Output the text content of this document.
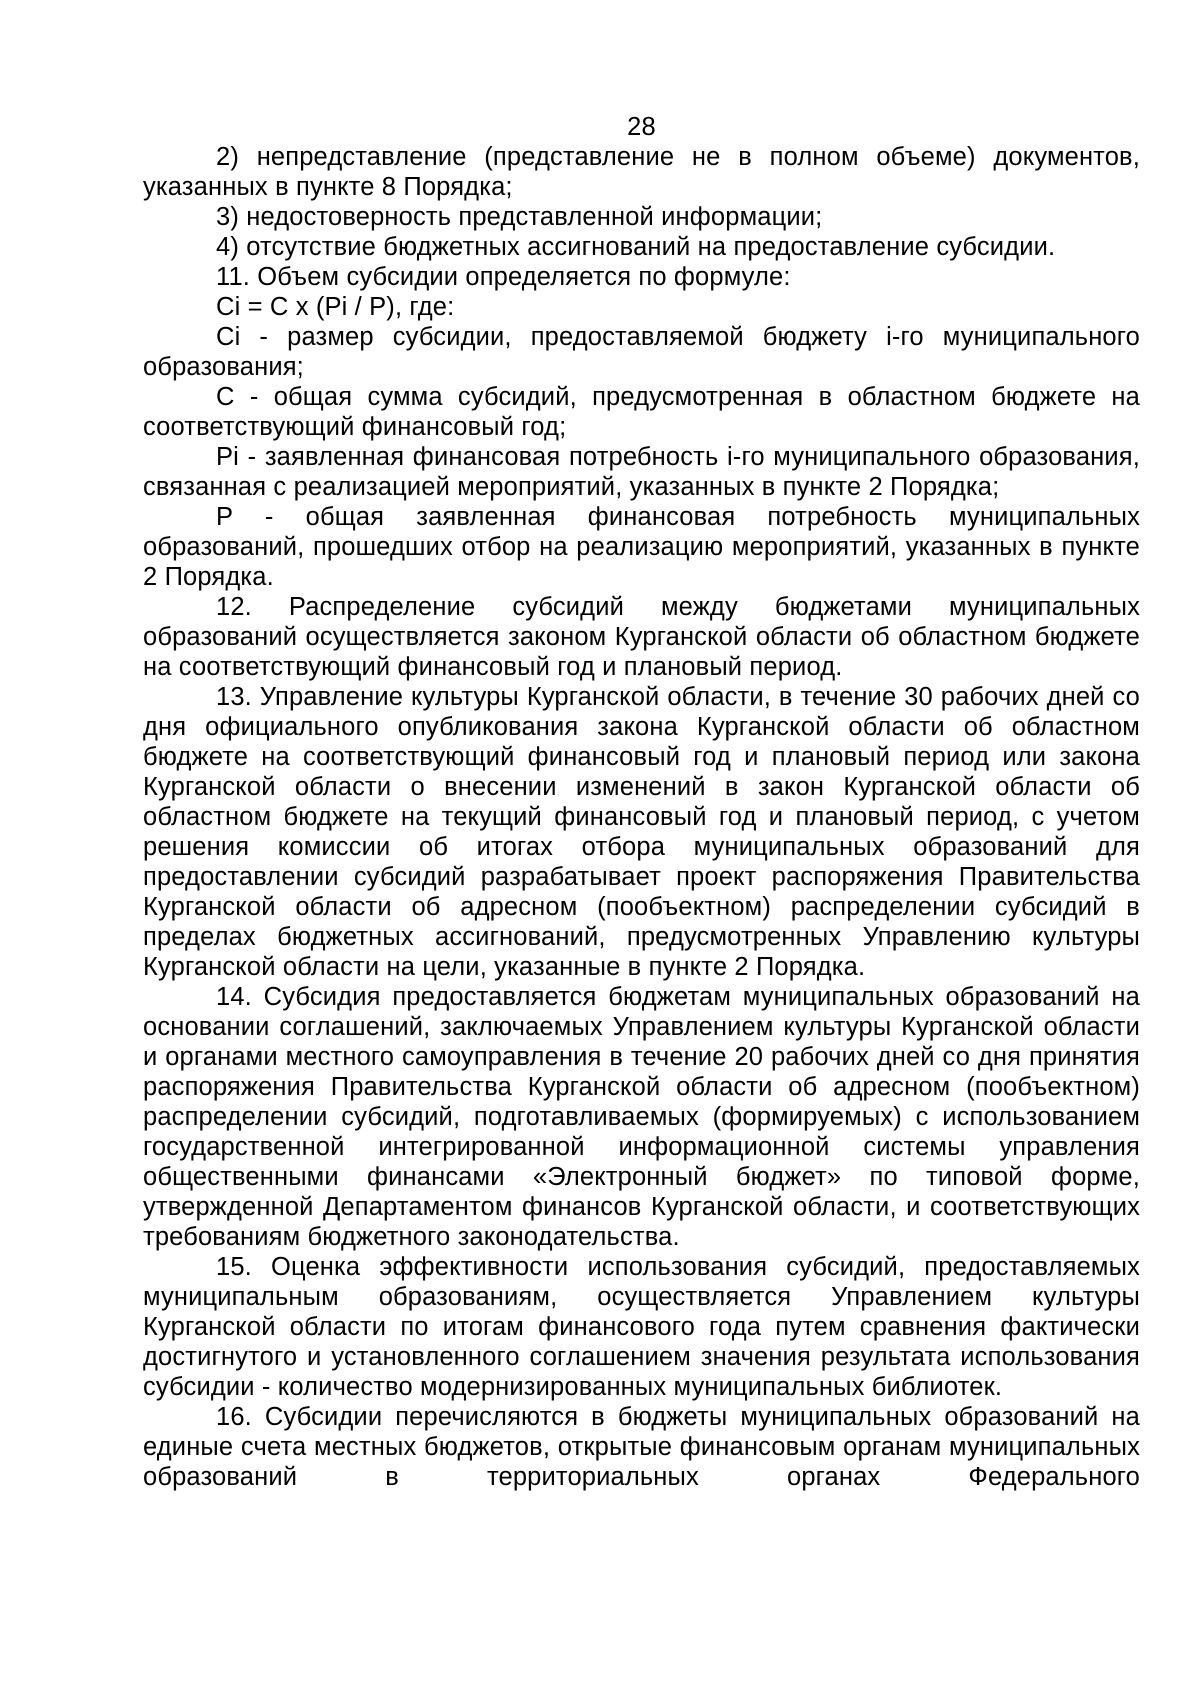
28

2) непредставление (представление не в полном объеме) документов, указанных в пункте 8 Порядка;

3) недостоверность представленной информации;

4) отсутствие бюджетных ассигнований на предоставление субсидии.

11. Объем субсидии определяется по формуле:

Ci = C x (Pi / P), где:

Ci - размер субсидии, предоставляемой бюджету i-го муниципального образования;

C - общая сумма субсидий, предусмотренная в областном бюджете на соответствующий финансовый год;

Pi - заявленная финансовая потребность i-го муниципального образования, связанная с реализацией мероприятий, указанных в пункте 2 Порядка;

P - общая заявленная финансовая потребность муниципальных образований, прошедших отбор на реализацию мероприятий, указанных в пункте 2 Порядка.

12. Распределение субсидий между бюджетами муниципальных образований осуществляется законом Курганской области об областном бюджете на соответствующий финансовый год и плановый период.

13. Управление культуры Курганской области, в течение 30 рабочих дней со дня официального опубликования закона Курганской области об областном бюджете на соответствующий финансовый год и плановый период или закона Курганской области о внесении изменений в закон Курганской области об областном бюджете на текущий финансовый год и плановый период, с учетом решения комиссии об итогах отбора муниципальных образований для предоставлении субсидий разрабатывает проект распоряжения Правительства Курганской области об адресном (пообъектном) распределении субсидий в пределах бюджетных ассигнований, предусмотренных Управлению культуры Курганской области на цели, указанные в пункте 2 Порядка.

14. Субсидия предоставляется бюджетам муниципальных образований на основании соглашений, заключаемых Управлением культуры Курганской области и органами местного самоуправления в течение 20 рабочих дней со дня принятия распоряжения Правительства Курганской области об адресном (пообъектном) распределении субсидий, подготавливаемых (формируемых) с использованием государственной интегрированной информационной системы управления общественными финансами «Электронный бюджет» по типовой форме, утвержденной Департаментом финансов Курганской области, и соответствующих требованиям бюджетного законодательства.

15. Оценка эффективности использования субсидий, предоставляемых муниципальным образованиям, осуществляется Управлением культуры Курганской области по итогам финансового года путем сравнения фактически достигнутого и установленного соглашением значения результата использования субсидии - количество модернизированных муниципальных библиотек.

16. Субсидии перечисляются в бюджеты муниципальных образований на единые счета местных бюджетов, открытые финансовым органам муниципальных образований в территориальных органах Федерального
